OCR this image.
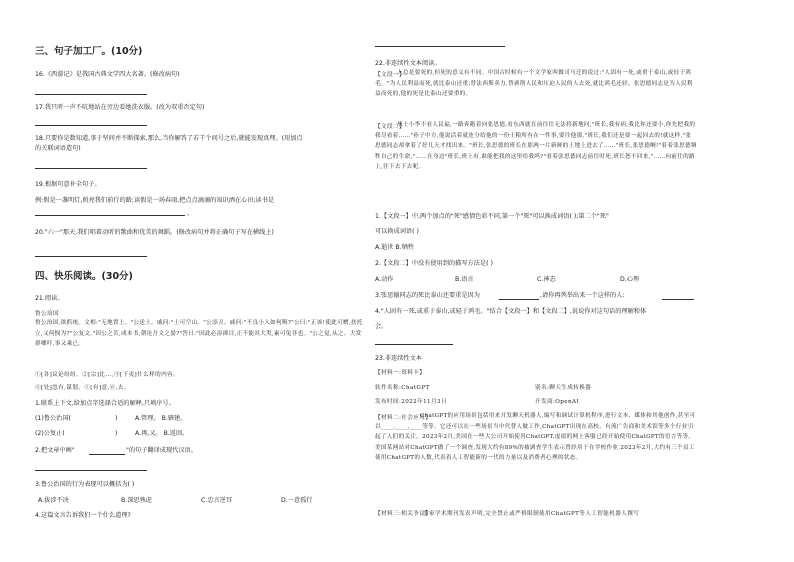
三、句子加工厂。(10分)
16.《西游记》是我国古典文学四大名著。(修改病句)
17.我只听一声不吭地站在旁边看她洗衣服。(改为双重否定句)
18.只要你是数知道,事于坚问并不断探索,那么,当你解答了若干个问号之后,就能发现真理。(用加点
的关联词语造句)
19.根据句意补全句子。
例:假是一盏明灯,照亮我们前行的路;读假是一场春雨,把点点滴滴的知识洒在心田;读书是
。
20."六一"那天,我们唱着动听的歌曲和优美的舞蹈。(修改病句并将正确句子写在横线上)
四、快乐阅读。(30分)
21.阅读。
鲁公治国
鲁公治国,欲抓统。文相:"无地置土。"公送土。戚问:"土可空山。"公添丑。戚问:"不良小人如何晦?"公曰:"正该!使此可赠,扶托立,又何悯为?"公复文,"因公之苦,成本书,朝论吾文之晏?"答曰:"因此必添抑目,正不能其大类,素可兔非也。"公之觉,从之。大赏群卿吓,事又乘已。
①[各]议论纷纷。②[宗]比...,③[下夷]什么样的内容。
④[处]忽有,谋划。⑤[有]意,⑥,去。
1.联系上下文,给加点字选择合适的解释,只填序号。
(1)鲁公治国(	)	A.管理。 B.辖建。
(2)公复止(	)	A.再,又。 B.返回。
2.把文章中画"	"的句子翻译成现代汉语。
3.鲁公治国的行为表现可以概括为( )
A.拔涉不决	B.深思熟虑	C.忠言逆耳	D.一意孤行
4.这篇文言告诉我们一个什么道理?
22.非连续性文本阅读。
【文段一】
人总是要死的,但死的意义有不同。中国古时候有一个文学家叫做司马迁的说过:"人固有一死,或重于泰山,或轻于鸿毛。"为人民利益而死,就比泰山还重;替法西斯卖力,替剥削人民和压迫人民的人去死,就比鸿毛还轻。张思德同志是为人民利益而死的,他的死是比泰山还要重的。
【文段二】
战士小李不看人民福,一路奔跑着向张思德,看东西就在前往往无法将新地问,"班长,我有病,我比你还要小,你先把我的我尽看着……"孙子中方,他说活着就连分给他的一份土粮所有在一件事,要往他那,"班长,我们还是要一起回去的!就这样,"张思德同志却拿着了好几天才找出来。"班长,张思德的班长在那两一片新鲜的土地上进去了……"班长,张思德啊!"着着张思德牺牲自己的生命,"……在身边"班长,班上有,谁能把我的这里给我吗?"看着张思德同志前往时死,班长恕不回来,"……向前往的路上,往下去下去呢。
1.【文段一】中,两个加点的"死"感情色彩不同,第一个"死"可以换成词语( );第二个"死"
可以换成词语( )
A.逝世 B.牺牲
2.【文段二】中没有使用到的描写方法是( )
A.动作	B.语言	C.神态	D.心理
3.张思德同志的死比泰山还要重是因为	,请你再列举出来一个这样的人:
4."人固有一死,或重于泰山,或轻于鸿毛。"结合【文段一】和【文段二】,说说你对这句话的理解和体
会。
23.非连续性文本
【材料一:资料卡】
软件名称:ChatGPT	别名:聊天生成转换器
发布时间:2022年11月3日	开发商:OpenAI
【材料二:社会应用】
ChatGPT的应用场景包括用来开发聊天机器人,编写和调试计算机程序,进行文本、媒体和其他创作,甚至可以____,____,____等等。它还可以在一些场景当中代替人做工作,ChatGPT出现在高校、有流广告商和美术馆等多个行业引起了人们的关注。2023年2月,美国在一些大公司开始使用ChatGPT,虚拟的网上客服已经开始使用ChatGPT的语言等等。美国某网站对ChatGPT做了一个调查,发现大约有89%的被调查学生表示曾经用于在学校作业,2023年2月,大约有三个员工使用ChatGPT的人数,代表着人工智能新的一代的力量以及消费者心理的状态。
【材料三:相关争议】
多家学术期刊发表声明,完全禁止或严格限制使用ChatGPT等人工智能机器人撰写
